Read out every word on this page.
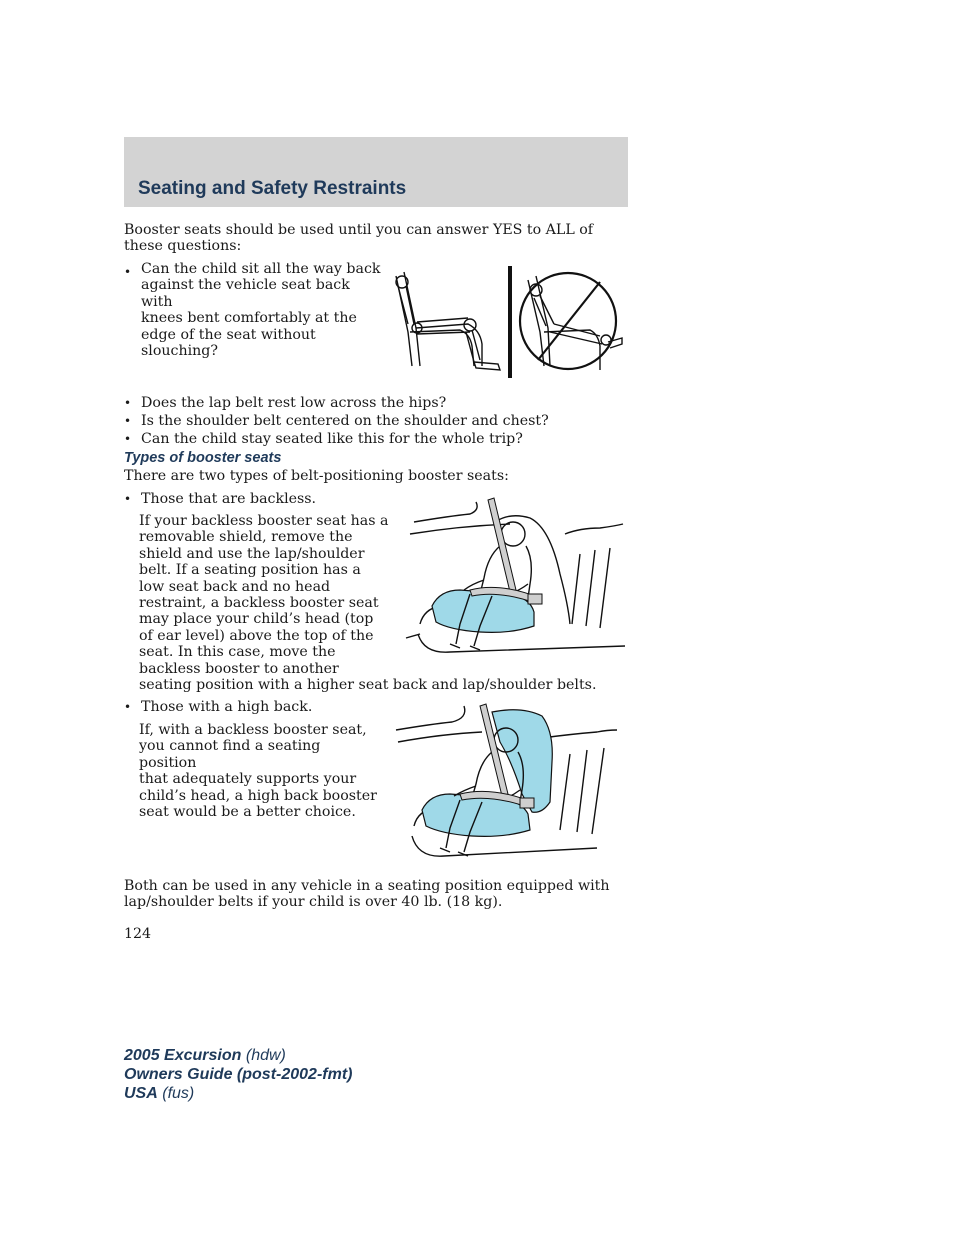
Seating and Safety Restraints
Booster seats should be used until you can answer YES to ALL of these questions:
• Can the child sit all the way back
against the vehicle seat back with
knees bent comfortably at the
edge of the seat without
slouching?
• Does the lap belt rest low across the hips?
• Is the shoulder belt centered on the shoulder and chest?
• Can the child stay seated like this for the whole trip?
Types of booster seats
There are two types of belt-positioning booster seats:
• Those that are backless.
If your backless booster seat has a
removable shield, remove the
shield and use the lap/shoulder
belt. If a seating position has a
low seat back and no head
restraint, a backless booster seat
may place your child’s head (top
of ear level) above the top of the
seat. In this case, move the
backless booster to another
seating position with a higher seat back and lap/shoulder belts.
• Those with a high back.
If, with a backless booster seat,
you cannot find a seating position
that adequately supports your
child’s head, a high back booster
seat would be a better choice.
Both can be used in any vehicle in a seating position equipped with
lap/shoulder belts if your child is over 40 lb. (18 kg).
124
2005 Excursion (hdw)
Owners Guide (post-2002-fmt)
USA (fus)
